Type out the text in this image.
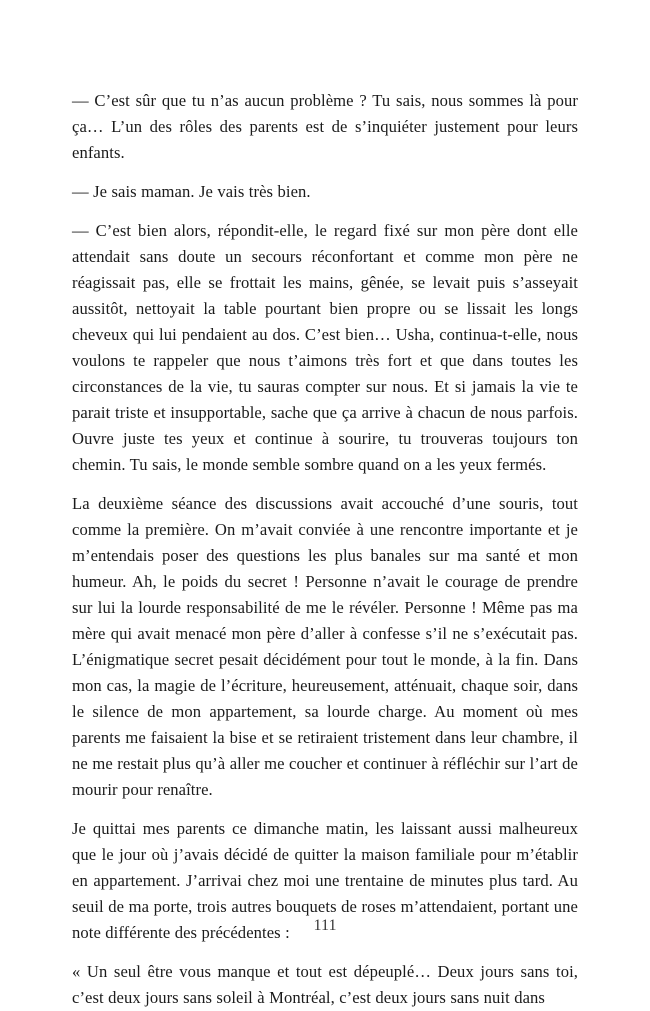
— C’est sûr que tu n’as aucun problème ? Tu sais, nous sommes là pour ça… L’un des rôles des parents est de s’inquiéter justement pour leurs enfants.

— Je sais maman. Je vais très bien.

— C’est bien alors, répondit-elle, le regard fixé sur mon père dont elle attendait sans doute un secours réconfortant et comme mon père ne réagissait pas, elle se frottait les mains, gênée, se levait puis s’asseyait aussitôt, nettoyait la table pourtant bien propre ou se lissait les longs cheveux qui lui pendaient au dos. C’est bien… Usha, continua-t-elle, nous voulons te rappeler que nous t’aimons très fort et que dans toutes les circonstances de la vie, tu sauras compter sur nous. Et si jamais la vie te parait triste et insupportable, sache que ça arrive à chacun de nous parfois. Ouvre juste tes yeux et continue à sourire, tu trouveras toujours ton chemin. Tu sais, le monde semble sombre quand on a les yeux fermés.

La deuxième séance des discussions avait accouché d’une souris, tout comme la première. On m’avait conviée à une rencontre importante et je m’entendais poser des questions les plus banales sur ma santé et mon humeur. Ah, le poids du secret ! Personne n’avait le courage de prendre sur lui la lourde responsabilité de me le révéler. Personne ! Même pas ma mère qui avait menacé mon père d’aller à confesse s’il ne s’exécutait pas. L’énigmatique secret pesait décidément pour tout le monde, à la fin. Dans mon cas, la magie de l’écriture, heureusement, atténuait, chaque soir, dans le silence de mon appartement, sa lourde charge. Au moment où mes parents me faisaient la bise et se retiraient tristement dans leur chambre, il ne me restait plus qu’à aller me coucher et continuer à réfléchir sur l’art de mourir pour renaître.

Je quittai mes parents ce dimanche matin, les laissant aussi malheureux que le jour où j’avais décidé de quitter la maison familiale pour m’établir en appartement. J’arrivai chez moi une trentaine de minutes plus tard. Au seuil de ma porte, trois autres bouquets de roses m’attendaient, portant une note différente des précédentes :

« Un seul être vous manque et tout est dépeuplé… Deux jours sans toi, c’est deux jours sans soleil à Montréal, c’est deux jours sans nuit dans

111
